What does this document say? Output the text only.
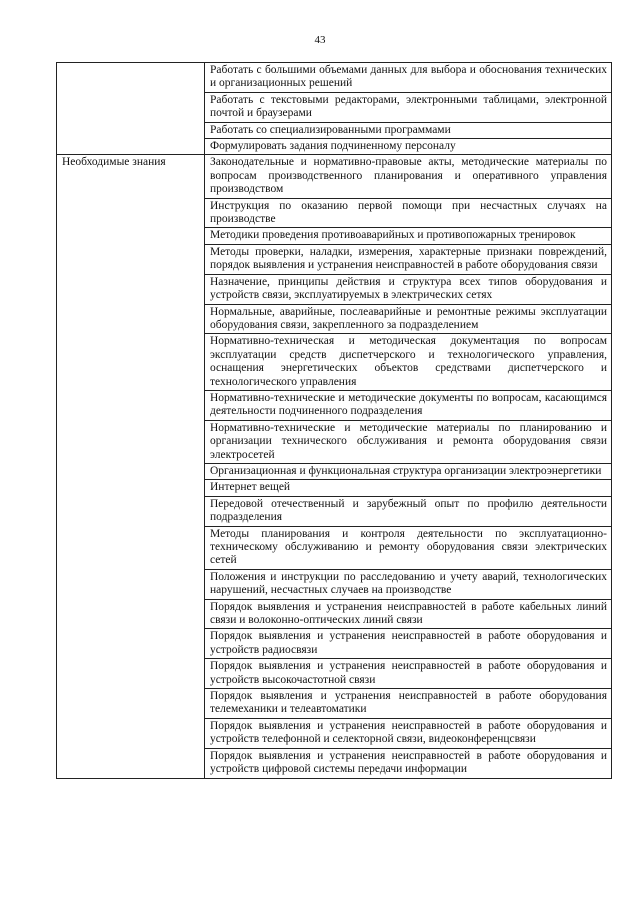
43
	Работать с большими объемами данных для выбора и обоснования технических и организационных решений
	Работать с текстовыми редакторами, электронными таблицами, электронной почтой и браузерами
	Работать со специализированными программами
	Формулировать задания подчиненному персоналу
Необходимые знания	Законодательные и нормативно-правовые акты, методические материалы по вопросам производственного планирования и оперативного управления производством
	Инструкция по оказанию первой помощи при несчастных случаях на производстве
	Методики проведения противоаварийных и противопожарных тренировок
	Методы проверки, наладки, измерения, характерные признаки повреждений, порядок выявления и устранения неисправностей в работе оборудования связи
	Назначение, принципы действия и структура всех типов оборудования и устройств связи, эксплуатируемых в электрических сетях
	Нормальные, аварийные, послеаварийные и ремонтные режимы эксплуатации оборудования связи, закрепленного за подразделением
	Нормативно-техническая и методическая документация по вопросам эксплуатации средств диспетчерского и технологического управления, оснащения энергетических объектов средствами диспетчерского и технологического управления
	Нормативно-технические и методические документы по вопросам, касающимся деятельности подчиненного подразделения
	Нормативно-технические и методические материалы по планированию и организации технического обслуживания и ремонта оборудования связи электросетей
	Организационная и функциональная структура организации электроэнергетики
	Интернет вещей
	Передовой отечественный и зарубежный опыт по профилю деятельности подразделения
	Методы планирования и контроля деятельности по эксплуатационно-техническому обслуживанию и ремонту оборудования связи электрических сетей
	Положения и инструкции по расследованию и учету аварий, технологических нарушений, несчастных случаев на производстве
	Порядок выявления и устранения неисправностей в работе кабельных линий связи и волоконно-оптических линий связи
	Порядок выявления и устранения неисправностей в работе оборудования и устройств радиосвязи
	Порядок выявления и устранения неисправностей в работе оборудования и устройств высокочастотной связи
	Порядок выявления и устранения неисправностей в работе оборудования телемеханики и телеавтоматики
	Порядок выявления и устранения неисправностей в работе оборудования и устройств телефонной и селекторной связи, видеоконференцсвязи
	Порядок выявления и устранения неисправностей в работе оборудования и устройств цифровой системы передачи информации
